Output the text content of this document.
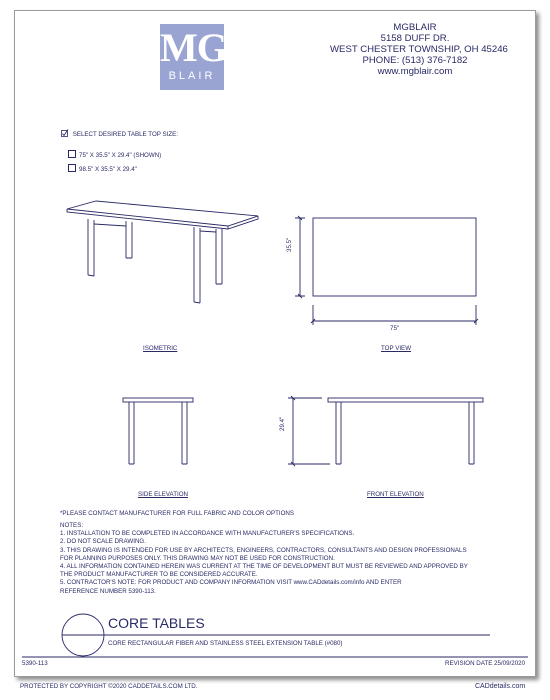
MG
BLAIR
MGBLAIR
5158 DUFF DR.
WEST CHESTER TOWNSHIP, OH 45246
PHONE: (513) 376-7182
www.mgblair.com
SELECT DESIRED TABLE TOP SIZE:
75" X 35.5" X 29.4" (SHOWN)
98.5" X 35.5" X 29.4"
35.5"
75"
29.4"
ISOMETRIC	TOP VIEW
SIDE ELEVATION	FRONT ELEVATION
*PLEASE CONTACT MANUFACTURER FOR FULL FABRIC AND COLOR OPTIONS
NOTES:
1. INSTALLATION TO BE COMPLETED IN ACCORDANCE WITH MANUFACTURER'S SPECIFICATIONS.
2. DO NOT SCALE DRAWING.
3. THIS DRAWING IS INTENDED FOR USE BY ARCHITECTS, ENGINEERS, CONTRACTORS, CONSULTANTS AND DESIGN PROFESSIONALS
FOR PLANNING PURPOSES ONLY. THIS DRAWING MAY NOT BE USED FOR CONSTRUCTION.
4. ALL INFORMATION CONTAINED HEREIN WAS CURRENT AT THE TIME OF DEVELOPMENT BUT MUST BE REVIEWED AND APPROVED BY
THE PRODUCT MANUFACTURER TO BE CONSIDERED ACCURATE.
5. CONTRACTOR'S NOTE: FOR PRODUCT AND COMPANY INFORMATION VISIT www.CADdetails.com/info AND ENTER
REFERENCE NUMBER 5390-113.
CORE TABLES
CORE RECTANGULAR FIBER AND STAINLESS STEEL EXTENSION TABLE (#080)
5390-113	REVISION DATE 25/09/2020
PROTECTED BY COPYRIGHT ©2020 CADDETAILS.COM LTD.	CADdetails.com
